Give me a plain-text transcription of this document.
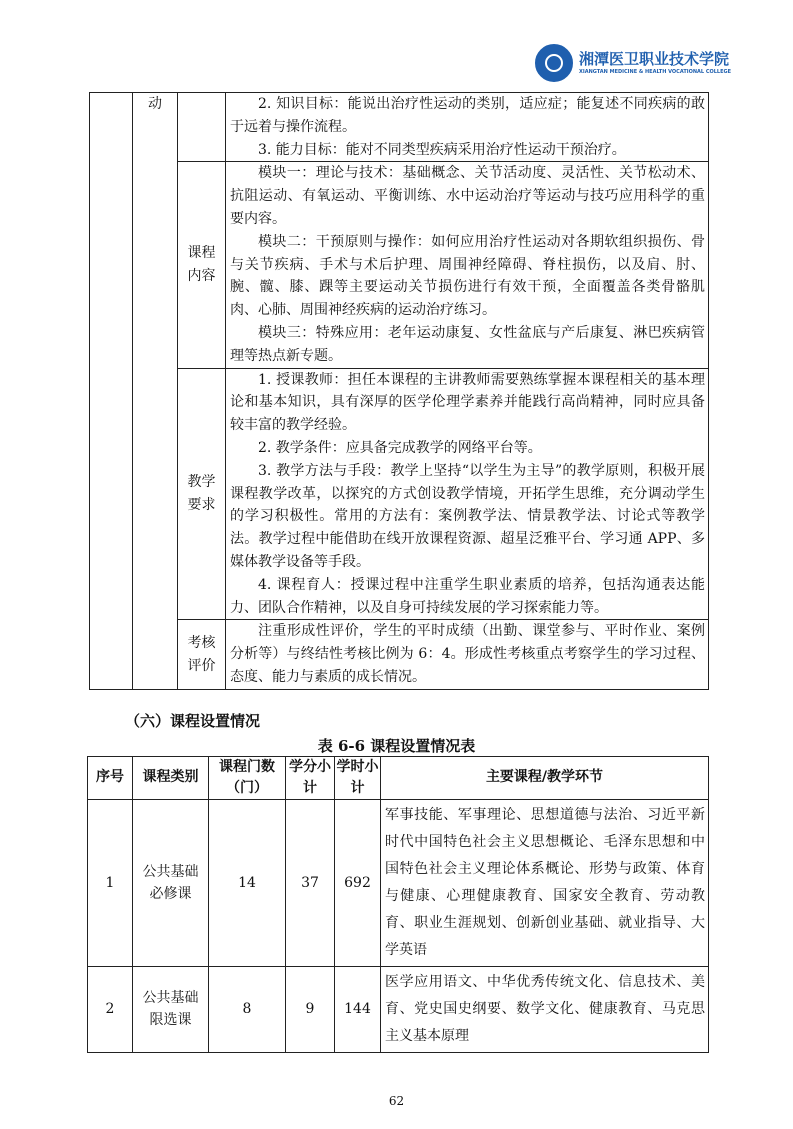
湘潭医卫职业技术学院
XIANGTAN MEDICINE & HEALTH VOCATIONAL COLLEGE
	动		2. 知识目标：能说出治疗性运动的类别，适应症；能复述不同疾病的敢于远着与操作流程。

3. 能力目标：能对不同类型疾病采用治疗性运动干预治疗。

		课程内容	模块一：理论与技术：基础概念、关节活动度、灵活性、关节松动术、抗阻运动、有氧运动、平衡训练、水中运动治疗等运动与技巧应用科学的重要内容。

模块二：干预原则与操作：如何应用治疗性运动对各期软组织损伤、骨与关节疾病、手术与术后护理、周围神经障碍、脊柱损伤，以及肩、肘、腕、髋、膝、踝等主要运动关节损伤进行有效干预，全面覆盖各类骨骼肌肉、心肺、周围神经疾病的运动治疗练习。

模块三：特殊应用：老年运动康复、女性盆底与产后康复、淋巴疾病管理等热点新专题。

		教学要求	1. 授课教师：担任本课程的主讲教师需要熟练掌握本课程相关的基本理论和基本知识，具有深厚的医学伦理学素养并能践行高尚精神，同时应具备较丰富的教学经验。

2. 教学条件：应具备完成教学的网络平台等。

3. 教学方法与手段：教学上坚持“以学生为主导”的教学原则，积极开展课程教学改革，以探究的方式创设教学情境，开拓学生思维，充分调动学生的学习积极性。常用的方法有：案例教学法、情景教学法、讨论式等教学法。教学过程中能借助在线开放课程资源、超星泛雅平台、学习通 APP、多媒体教学设备等手段。

4. 课程育人：授课过程中注重学生职业素质的培养，包括沟通表达能力、团队合作精神，以及自身可持续发展的学习探索能力等。

		考核评价	注重形成性评价，学生的平时成绩（出勤、课堂参与、平时作业、案例分析等）与终结性考核比例为 6：4。形成性考核重点考察学生的学习过程、态度、能力与素质的成长情况。

（六）课程设置情况
表 6-6 课程设置情况表
序号	课程类别	课程门数（门）	学分小计	学时小计	主要课程/教学环节
1	公共基础必修课	14	37	692	军事技能、军事理论、思想道德与法治、习近平新时代中国特色社会主义思想概论、毛泽东思想和中国特色社会主义理论体系概论、形势与政策、体育与健康、心理健康教育、国家安全教育、劳动教育、职业生涯规划、创新创业基础、就业指导、大学英语
2	公共基础限选课	8	9	144	医学应用语文、中华优秀传统文化、信息技术、美育、党史国史纲要、数学文化、健康教育、马克思主义基本原理
62
